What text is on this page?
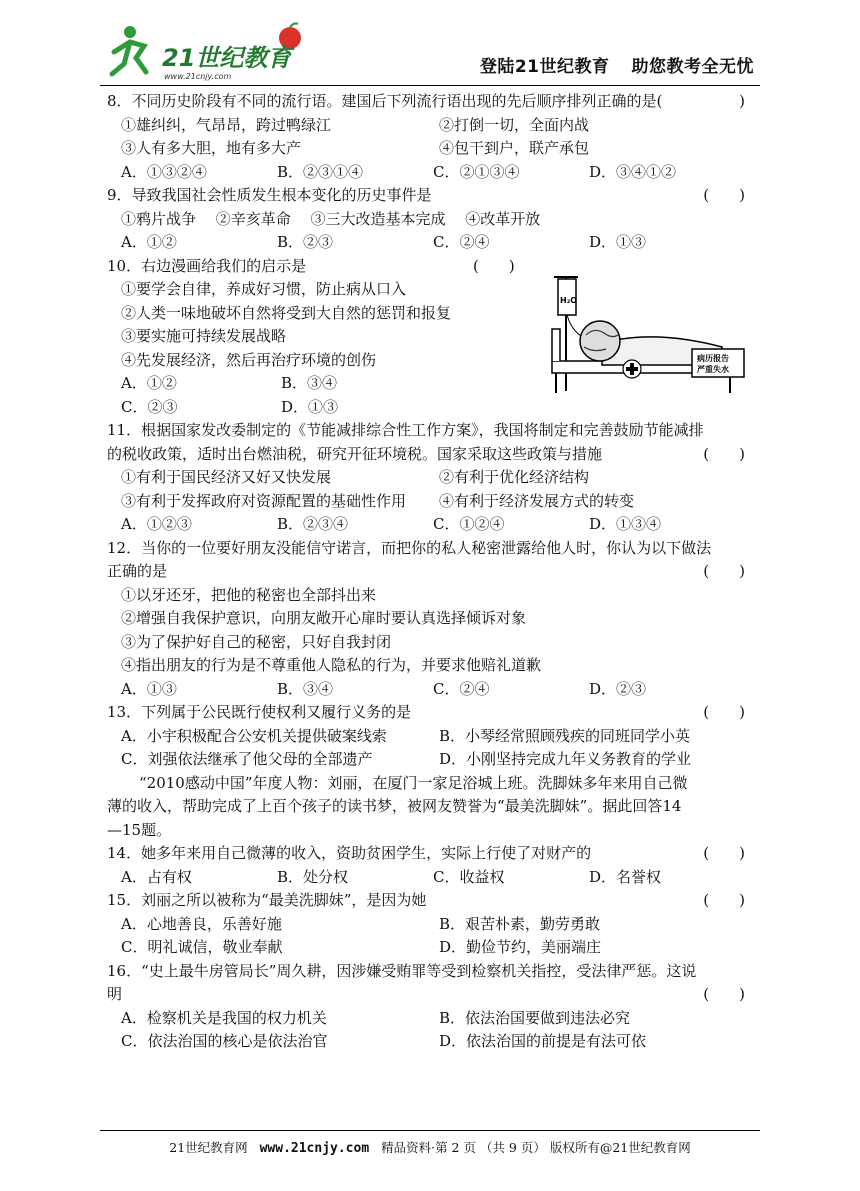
21世纪教育
www.21cnjy.com	登陆21世纪教育 助您教考全无忧
8．不同历史阶段有不同的流行语。建国后下列流行语出现的先后顺序排列正确的是(	)
①雄纠纠，气昂昂，跨过鸭绿江	②打倒一切，全面内战
③人有多大胆，地有多大产	④包干到户，联产承包
A．①③②④	B．②③①④	C．②①③④	D．③④①②
9．导致我国社会性质发生根本变化的历史事件是	(　　)
①鸦片战争　 ②辛亥革命　 ③三大改造基本完成　 ④改革开放
A．①②	B．②③	C．②④	D．①③
10．右边漫画给我们的启示是	(　　)
①要学会自律，养成好习惯，防止病从口入
②人类一味地破坏自然将受到大自然的惩罚和报复
③要实施可持续发展战略
④先发展经济，然后再治疗环境的创伤
A．①②	B．③④
C．②③	D．①③
11．根据国家发改委制定的《节能减排综合性工作方案》，我国将制定和完善鼓励节能减排
的税收政策，适时出台燃油税，研究开征环境税。国家采取这些政策与措施	(　　)
①有利于国民经济又好又快发展	②有利于优化经济结构
③有利于发挥政府对资源配置的基础性作用	④有利于经济发展方式的转变
A．①②③	B．②③④	C．①②④	D．①③④
12．当你的一位要好朋友没能信守诺言，而把你的私人秘密泄露给他人时，你认为以下做法
正确的是	(　　)
①以牙还牙，把他的秘密也全部抖出来
②增强自我保护意识，向朋友敞开心扉时要认真选择倾诉对象
③为了保护好自己的秘密，只好自我封闭
④指出朋友的行为是不尊重他人隐私的行为，并要求他赔礼道歉
A．①③	B．③④	C．②④	D．②③
13．下列属于公民既行使权利又履行义务的是	(　　)
A．小宇积极配合公安机关提供破案线索	B．小琴经常照顾残疾的同班同学小英
C．刘强依法继承了他父母的全部遗产	D．小刚坚持完成九年义务教育的学业
“2010感动中国”年度人物：刘丽，在厦门一家足浴城上班。洗脚妹多年来用自己微
薄的收入，帮助完成了上百个孩子的读书梦，被网友赞誉为“最美洗脚妹”。据此回答14
—15题。
14．她多年来用自己微薄的收入，资助贫困学生，实际上行使了对财产的	(　　)
A．占有权	B．处分权	C．收益权	D．名誉权
15．刘丽之所以被称为“最美洗脚妹”，是因为她	(　　)
A．心地善良，乐善好施	B．艰苦朴素，勤劳勇敢
C．明礼诚信，敬业奉献	D．勤俭节约，美丽端庄
16．“史上最牛房管局长”周久耕，因涉嫌受贿罪等受到检察机关指控，受法律严惩。这说
明	(　　)
A．检察机关是我国的权力机关	B．依法治国要做到违法必究
C．依法治国的核心是依法治官	D．依法治国的前提是有法可依
H₂O
病历报告
严重失水
21世纪教育网 www.21cnjy.com 精品资料·第 2 页 （共 9 页） 版权所有@21世纪教育网
